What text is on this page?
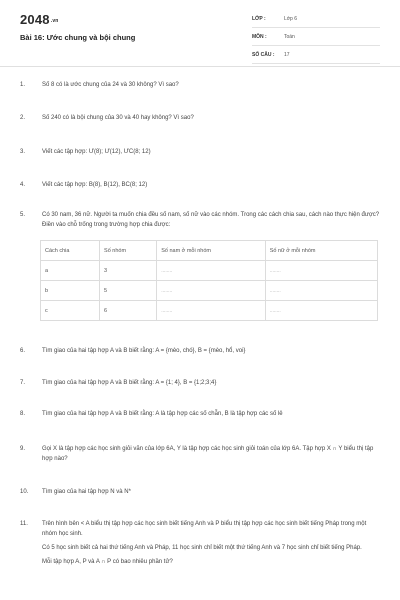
2048.vn
Bài 16: Ước chung và bội chung
LỚP :	Lớp 6
MÔN :	Toán
SỐ CÂU : 17
1.	Số 8 có là ước chung của 24 và 30 không? Vì sao?
2.	Số 240 có là bội chung của 30 và 40 hay không? Vì sao?
3.	Viết các tập hợp: Ư(8); Ư(12), ƯC(8; 12)
4.	Viết các tập hợp: B(8), B(12), BC(8; 12)
5.	Có 30 nam, 36 nữ. Người ta muốn chia đều số nam, số nữ vào các nhóm. Trong các cách chia sau, cách nào thực hiện được? Điền vào chỗ trống trong trường hợp chia được:
Cách chia	Số nhóm	Số nam ở mỗi nhóm	Số nữ ở mỗi nhóm
a	3	........	........
b	5	........	........
c	6	........	........
6.	Tìm giao của hai tập hợp A và B biết rằng: A = {mèo, chó}, B = {mèo, hổ, voi}
7.	Tìm giao của hai tập hợp A và B biết rằng: A = {1; 4}, B = {1;2;3;4}
8.	Tìm giao của hai tập hợp A và B biết rằng: A là tập hợp các số chẵn, B là tập hợp các số lẻ
9.	Gọi X là tập hợp các học sinh giỏi văn của lớp 6A, Y là tập hợp các học sinh giỏi toán của lớp 6A. Tập hợp X ∩ Y biểu thị tập hợp nào?
10.	Tìm giao của hai tập hợp N và N*
11.	Trên hình bên < A biểu thị tập hợp các học sinh biết tiếng Anh và P biểu thị tập hợp các học sinh biết tiếng Pháp trong một nhóm học sinh.
Có 5 học sinh biết cả hai thứ tiếng Anh và Pháp, 11 học sinh chỉ biết một thứ tiếng Anh và 7 học sinh chỉ biết tiếng Pháp.
Mỗi tập hợp A, P và A ∩ P có bao nhiêu phần tử?
